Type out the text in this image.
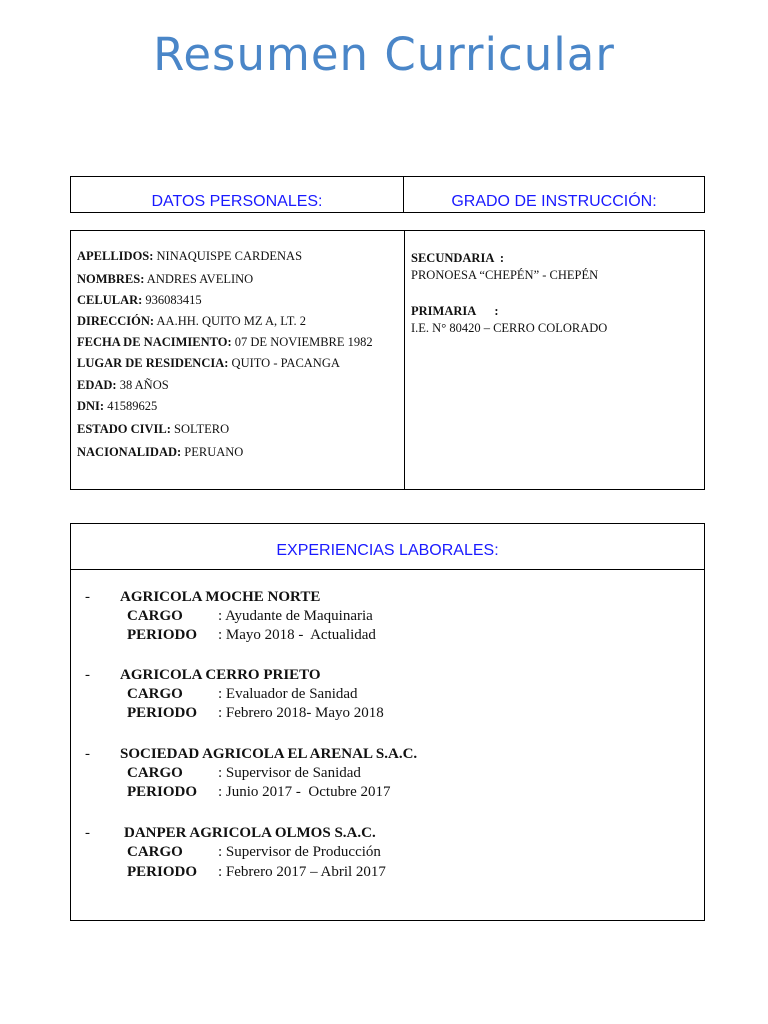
Resumen Curricular
DATOS PERSONALES:	GRADO DE INSTRUCCIÓN:
APELLIDOS: NINAQUISPE CARDENAS
NOMBRES: ANDRES AVELINO
CELULAR: 936083415
DIRECCIÓN: AA.HH. QUITO MZ A, LT. 2
FECHA DE NACIMIENTO: 07 DE NOVIEMBRE 1982
LUGAR DE RESIDENCIA: QUITO - PACANGA
EDAD: 38 AÑOS
DNI: 41589625
ESTADO CIVIL: SOLTERO
NACIONALIDAD: PERUANO
SECUNDARIA  :
PRONOESA “CHEPÉN” - CHEPÉN
PRIMARIA      :
I.E. N° 80420 – CERRO COLORADO
EXPERIENCIAS LABORALES:
- AGRICOLA MOCHE NORTE
CARGO : Ayudante de Maquinaria
PERIODO : Mayo 2018 -  Actualidad
- AGRICOLA CERRO PRIETO
CARGO : Evaluador de Sanidad
PERIODO : Febrero 2018- Mayo 2018
- SOCIEDAD AGRICOLA EL ARENAL S.A.C.
CARGO : Supervisor de Sanidad
PERIODO : Junio 2017 -  Octubre 2017
- DANPER AGRICOLA OLMOS S.A.C.
CARGO : Supervisor de Producción
PERIODO : Febrero 2017 – Abril 2017
